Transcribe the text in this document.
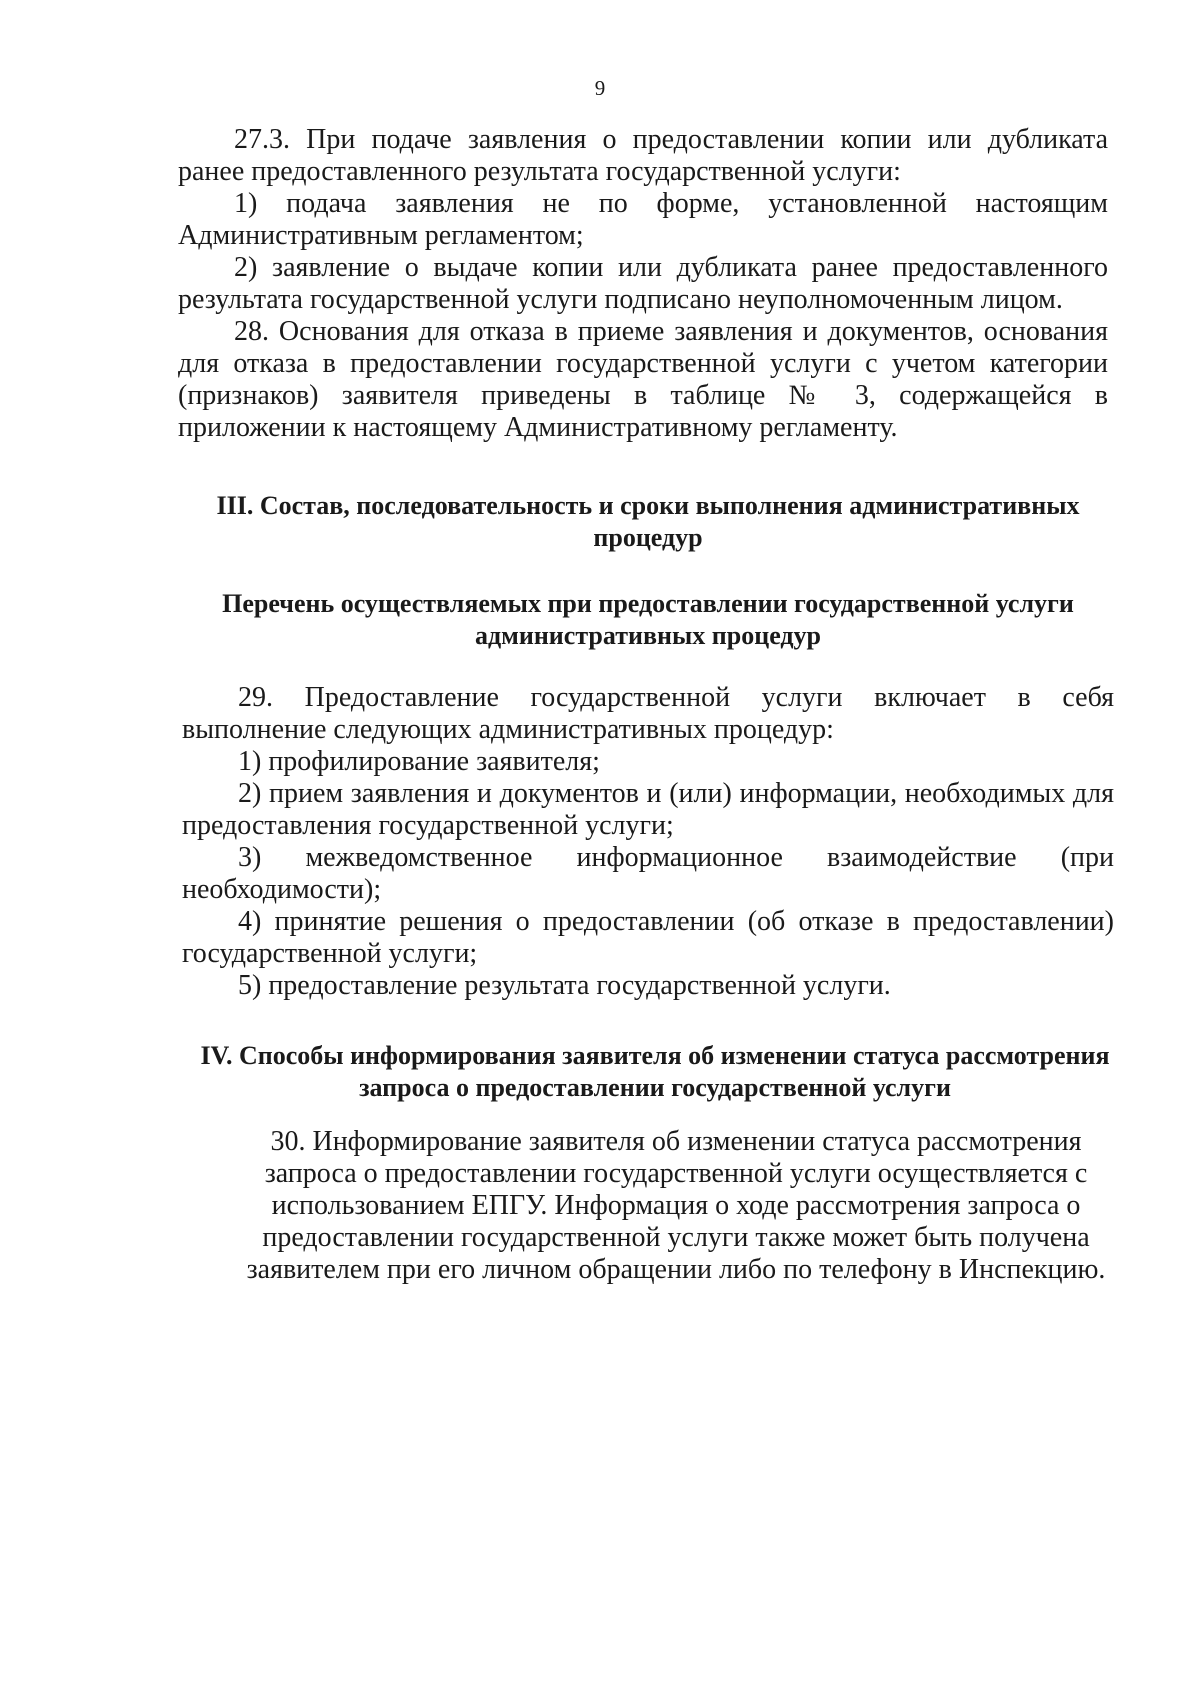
9

27.3. При подаче заявления о предоставлении копии или дубликата ранее предоставленного результата государственной услуги:

1) подача заявления не по форме, установленной настоящим Административным регламентом;

2) заявление о выдаче копии или дубликата ранее предоставленного результата государственной услуги подписано неуполномоченным лицом.

28. Основания для отказа в приеме заявления и документов, основания для отказа в предоставлении государственной услуги с учетом категории (признаков) заявителя приведены в таблице № 3, содержащейся в приложении к настоящему Административному регламенту.

III. Состав, последовательность и сроки выполнения административных процедур

Перечень осуществляемых при предоставлении государственной услуги административных процедур

29. Предоставление государственной услуги включает в себя выполнение следующих административных процедур:

1) профилирование заявителя;

2) прием заявления и документов и (или) информации, необходимых для предоставления государственной услуги;

3) межведомственное информационное взаимодействие (при необходимости);

4) принятие решения о предоставлении (об отказе в предоставлении) государственной услуги;

5) предоставление результата государственной услуги.

IV. Способы информирования заявителя об изменении статуса рассмотрения запроса о предоставлении государственной услуги

30. Информирование заявителя об изменении статуса рассмотрения запроса о предоставлении государственной услуги осуществляется с использованием ЕПГУ. Информация о ходе рассмотрения запроса о предоставлении государственной услуги также может быть получена заявителем при его личном обращении либо по телефону в Инспекцию.
